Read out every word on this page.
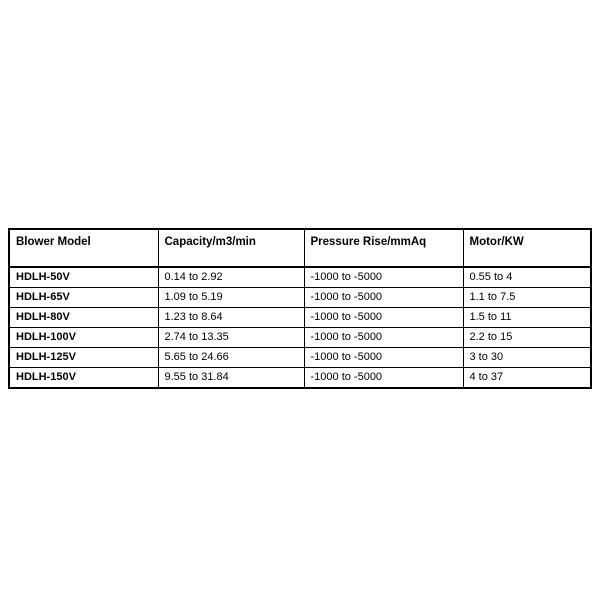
Blower Model	Capacity/m3/min	Pressure Rise/mmAq	Motor/KW

HDLH-50V	0.14 to 2.92	-1000 to -5000	0.55 to 4

HDLH-65V	1.09 to 5.19	-1000 to -5000	1.1 to 7.5

HDLH-80V	1.23 to 8.64	-1000 to -5000	1.5 to 11

HDLH-100V	2.74 to 13.35	-1000 to -5000	2.2 to 15

HDLH-125V	5.65 to 24.66	-1000 to -5000	3 to 30

HDLH-150V	9.55 to 31.84	-1000 to -5000	4 to 37
